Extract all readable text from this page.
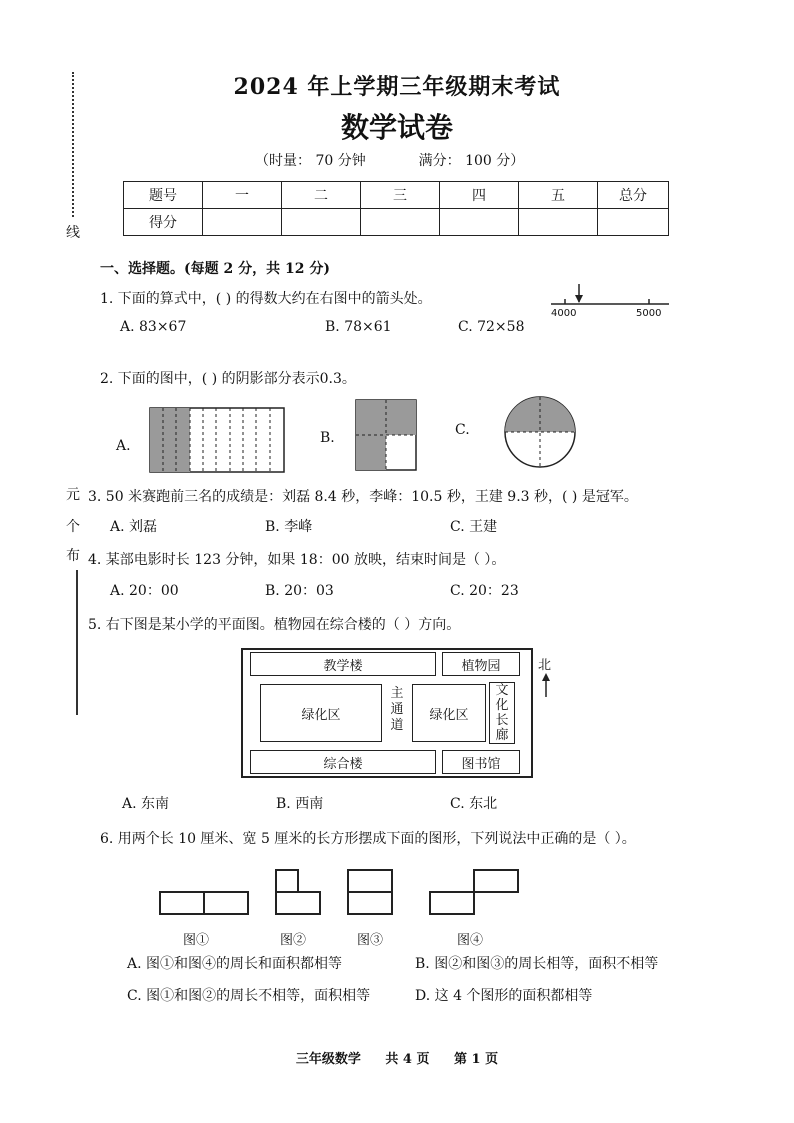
线
元
个
布
2024 年上学期三年级期末考试
数学试卷
（时量： 70 分钟	满分： 100 分）
题号	一	二	三	四	五	总分
得分						
一、选择题。(每题 2 分，共 12 分)
1. 下面的算式中，( ) 的得数大约在右图中的箭头处。
A. 83×67	B. 78×61	C. 72×58
4000	5000
2. 下面的图中，( ) 的阴影部分表示0.3。
A.	B.	C.
3. 50 米赛跑前三名的成绩是：刘磊 8.4 秒，李峰：10.5 秒，王建 9.3 秒，( ) 是冠军。
A. 刘磊	B. 李峰	C. 王建
4. 某部电影时长 123 分钟，如果 18：00 放映，结束时间是（ ）。
A. 20：00	B. 20：03	C. 20：23
5. 右下图是某小学的平面图。植物园在综合楼的（ ）方向。
教学楼	植物园
绿化区
主通道
绿化区
文化长廊
综合楼	图书馆
北
A. 东南	B. 西南	C. 东北
6. 用两个长 10 厘米、宽 5 厘米的长方形摆成下面的图形，下列说法中正确的是（ ）。
图①	图②	图③	图④
A. 图①和图④的周长和面积都相等	B. 图②和图③的周长相等，面积不相等
C. 图①和图②的周长不相等，面积相等	D. 这 4 个图形的面积都相等
三年级数学 共 4 页 第 1 页
